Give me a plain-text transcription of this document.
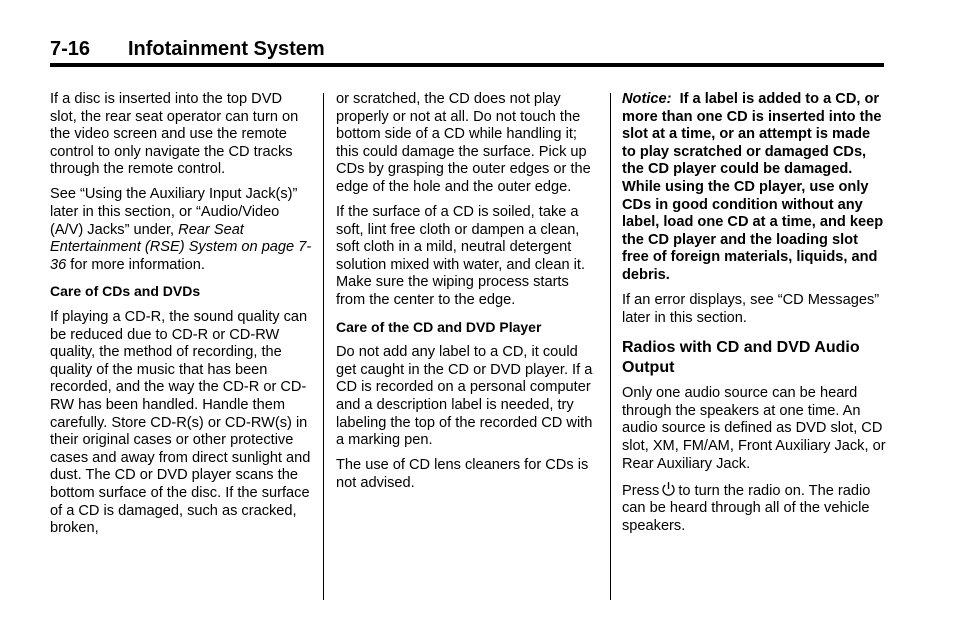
7-16 Infotainment System

If a disc is inserted into the top DVD slot, the rear seat operator can turn on the video screen and use the remote control to only navigate the CD tracks through the remote control.

See “Using the Auxiliary Input Jack(s)” later in this section, or “Audio/Video (A/V) Jacks” under, Rear Seat Entertainment (RSE) System on page 7-36 for more information.

Care of CDs and DVDs

If playing a CD-R, the sound quality can be reduced due to CD-R or CD-RW quality, the method of recording, the quality of the music that has been recorded, and the way the CD-R or CD-RW has been handled. Handle them carefully. Store CD-R(s) or CD-RW(s) in their original cases or other protective cases and away from direct sunlight and dust. The CD or DVD player scans the bottom surface of the disc. If the surface of a CD is damaged, such as cracked, broken,

or scratched, the CD does not play properly or not at all. Do not touch the bottom side of a CD while handling it; this could damage the surface. Pick up CDs by grasping the outer edges or the edge of the hole and the outer edge.

If the surface of a CD is soiled, take a soft, lint free cloth or dampen a clean, soft cloth in a mild, neutral detergent solution mixed with water, and clean it. Make sure the wiping process starts from the center to the edge.

Care of the CD and DVD Player

Do not add any label to a CD, it could get caught in the CD or DVD player. If a CD is recorded on a personal computer and a description label is needed, try labeling the top of the recorded CD with a marking pen.

The use of CD lens cleaners for CDs is not advised.

Notice: If a label is added to a CD, or more than one CD is inserted into the slot at a time, or an attempt is made to play scratched or damaged CDs, the CD player could be damaged. While using the CD player, use only CDs in good condition without any label, load one CD at a time, and keep the CD player and the loading slot free of foreign materials, liquids, and debris.

If an error displays, see “CD Messages” later in this section.

Radios with CD and DVD Audio Output

Only one audio source can be heard through the speakers at one time. An audio source is defined as DVD slot, CD slot, XM, FM/AM, Front Auxiliary Jack, or Rear Auxiliary Jack.

Press to turn the radio on. The radio can be heard through all of the vehicle speakers.
